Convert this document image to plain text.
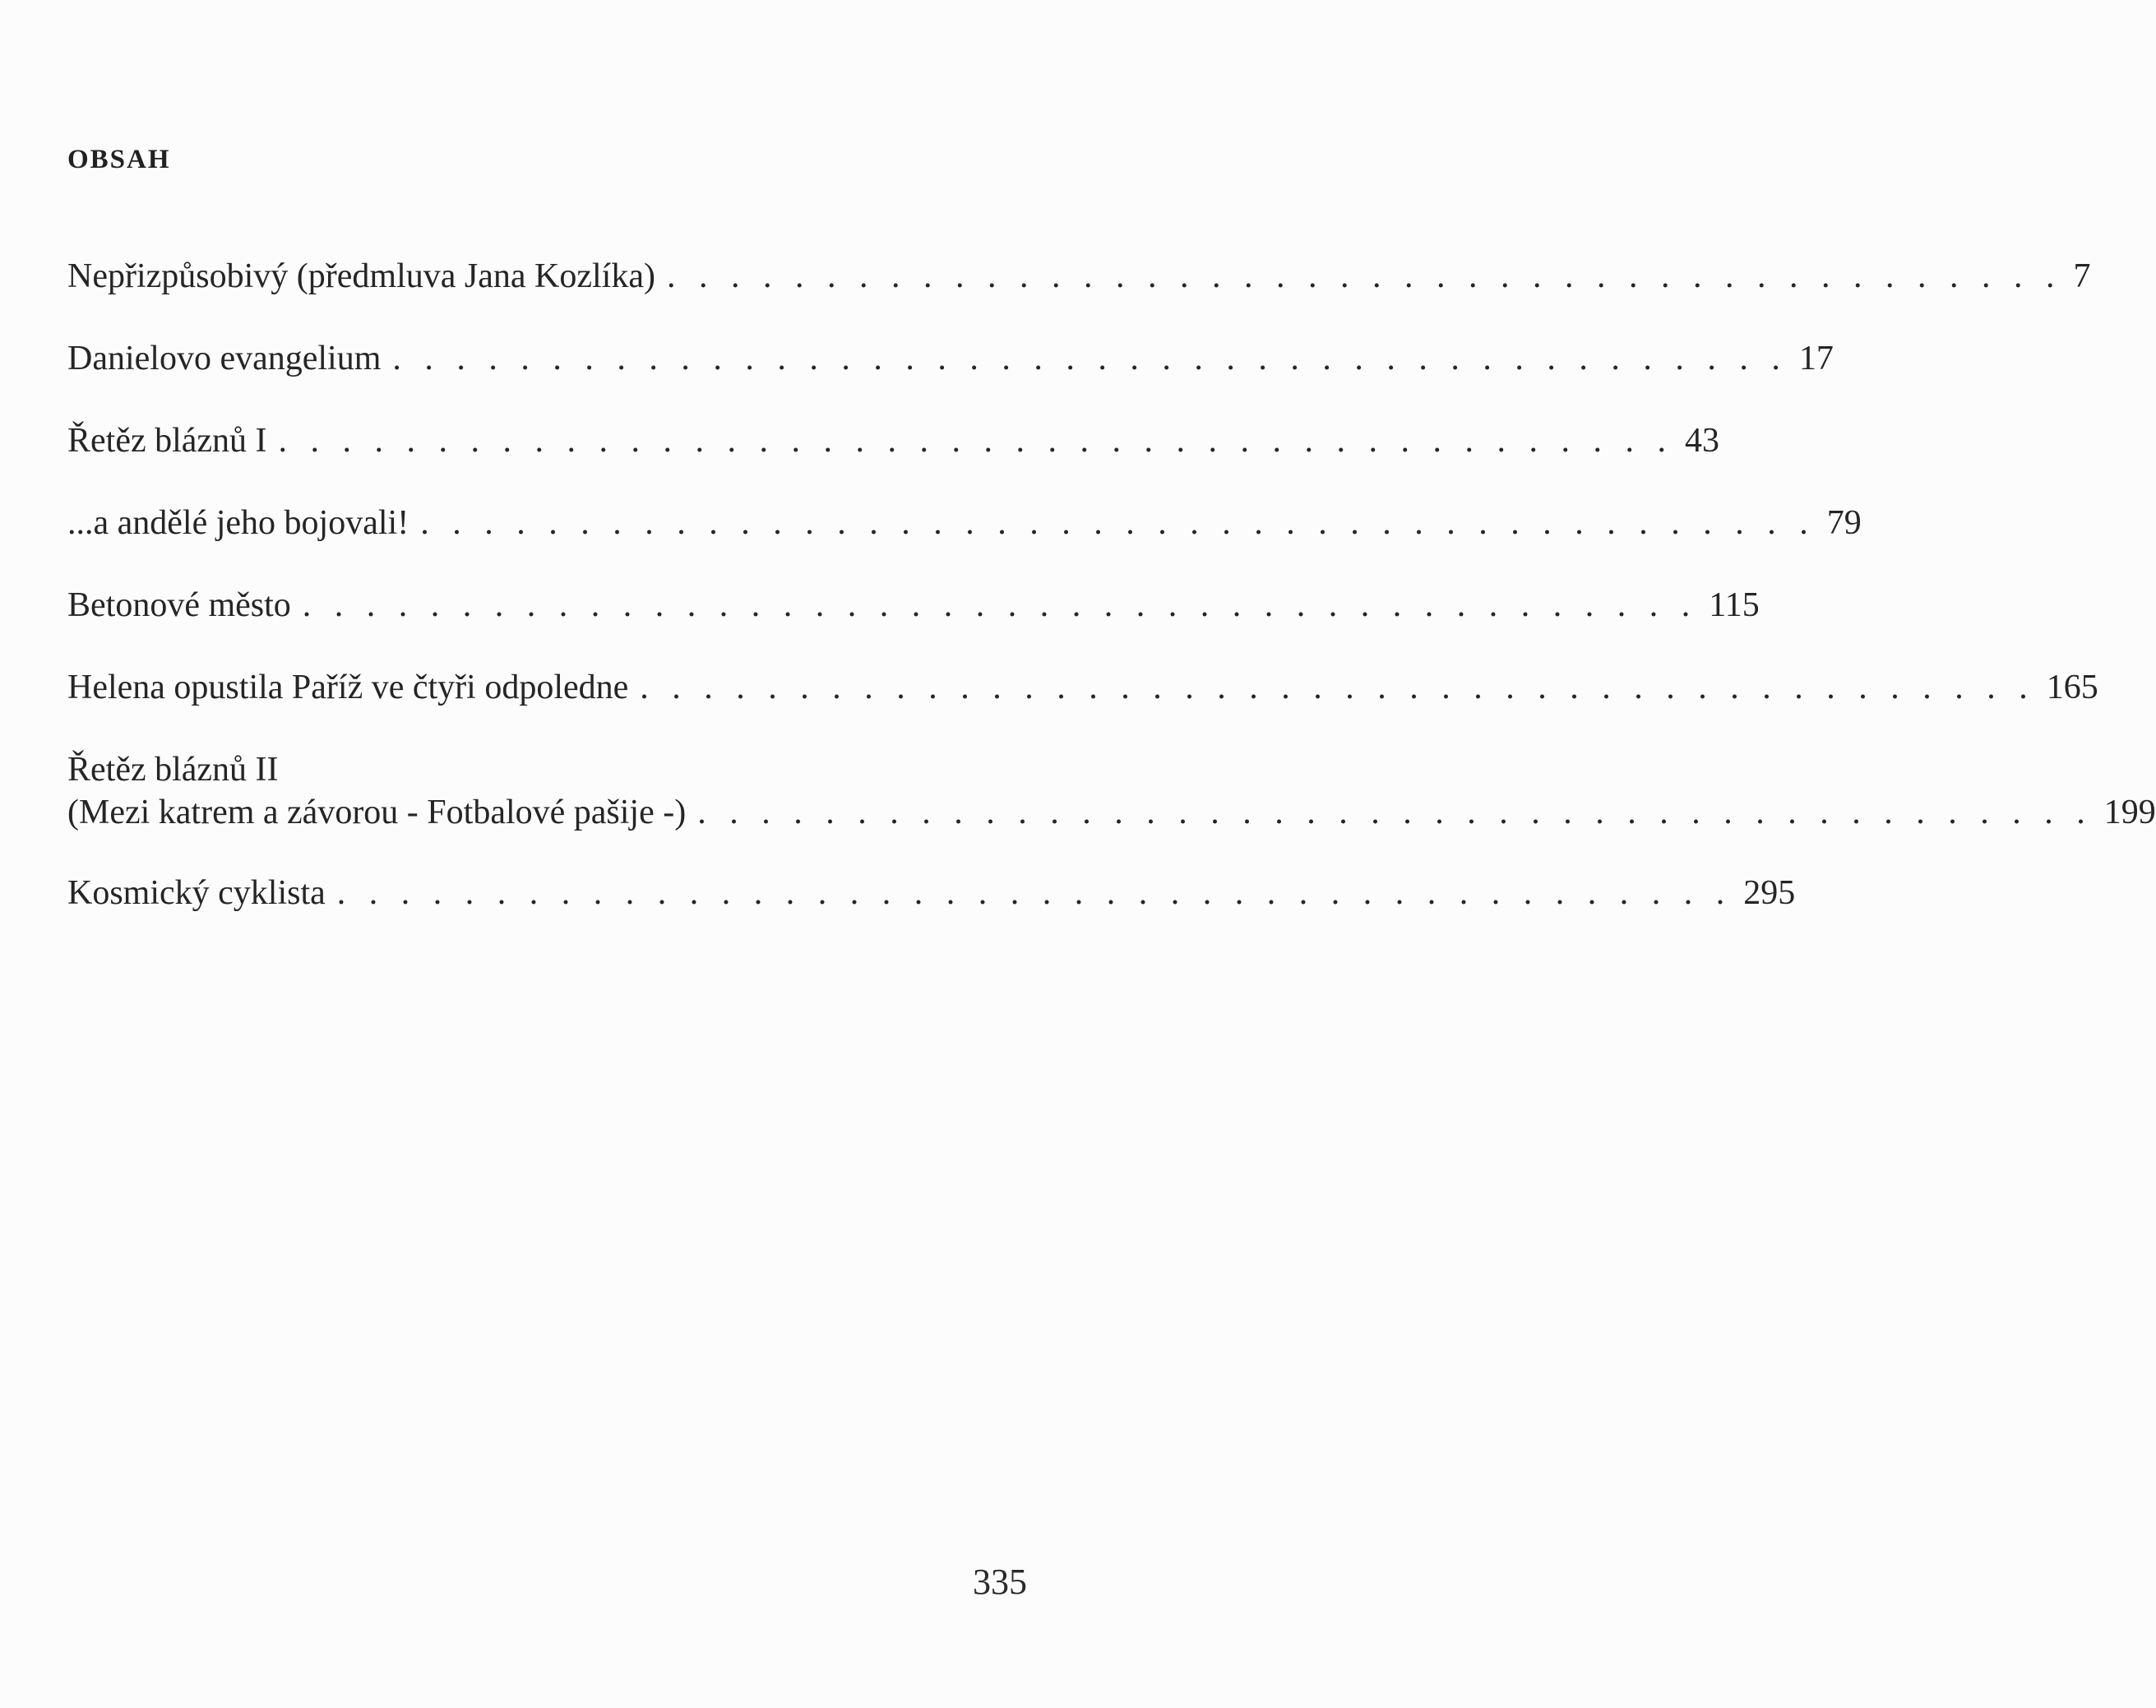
OBSAH
Nepřizpůsobivý (předmluva Jana Kozlíka) . . . . . . . . . . . . . . . . . . . . . . . . . . . . . . . . . . . . . . . . . . . . 7
Danielovo evangelium . . . . . . . . . . . . . . . . . . . . . . . . . . . . . . . . . . . . . . . . . . . . 17
Řetěz bláznů I . . . . . . . . . . . . . . . . . . . . . . . . . . . . . . . . . . . . . . . . . . . . 43
...a andělé jeho bojovali! . . . . . . . . . . . . . . . . . . . . . . . . . . . . . . . . . . . . . . . . . . . . 79
Betonové město . . . . . . . . . . . . . . . . . . . . . . . . . . . . . . . . . . . . . . . . . . . . 115
Helena opustila Paříž ve čtyři odpoledne . . . . . . . . . . . . . . . . . . . . . . . . . . . . . . . . . . . . . . . . . . . . 165
Řetěz bláznů II
(Mezi katrem a závorou - Fotbalové pašije -) . . . . . . . . . . . . . . . . . . . . . . . . . . . . . . . . . . . . . . . . . . . . 199
Kosmický cyklista . . . . . . . . . . . . . . . . . . . . . . . . . . . . . . . . . . . . . . . . . . . . 295
335
